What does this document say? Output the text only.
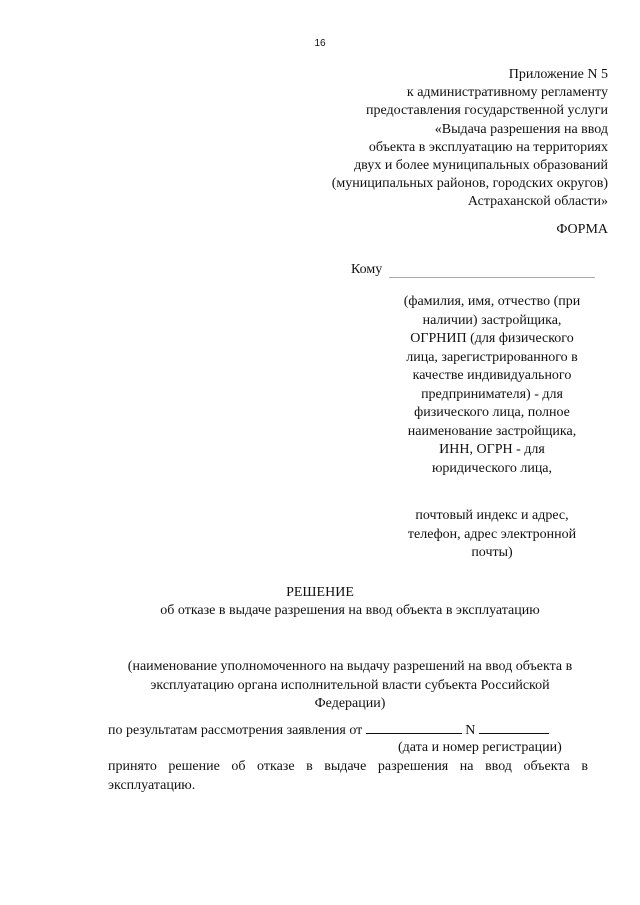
16
Приложение N 5
к административному регламенту
предоставления государственной услуги
«Выдача разрешения на ввод
объекта в эксплуатацию на территориях
двух и более муниципальных образований
(муниципальных районов, городских округов)
Астраханской области»
ФОРМА
Кому
(фамилия, имя, отчество (при
наличии) застройщика,
ОГРНИП (для физического
лица, зарегистрированного в
качестве индивидуального
предпринимателя) - для
физического лица, полное
наименование застройщика,
ИНН, ОГРН - для
юридического лица,
почтовый индекс и адрес,
телефон, адрес электронной
почты)
РЕШЕНИЕ
об отказе в выдаче разрешения на ввод объекта в эксплуатацию
(наименование уполномоченного на выдачу разрешений на ввод объекта в
эксплуатацию органа исполнительной власти субъекта Российской
Федерации)
по результатам рассмотрения заявления от	N
(дата и номер регистрации)
принято решение об отказе в выдаче разрешения на ввод объекта в эксплуатацию.
